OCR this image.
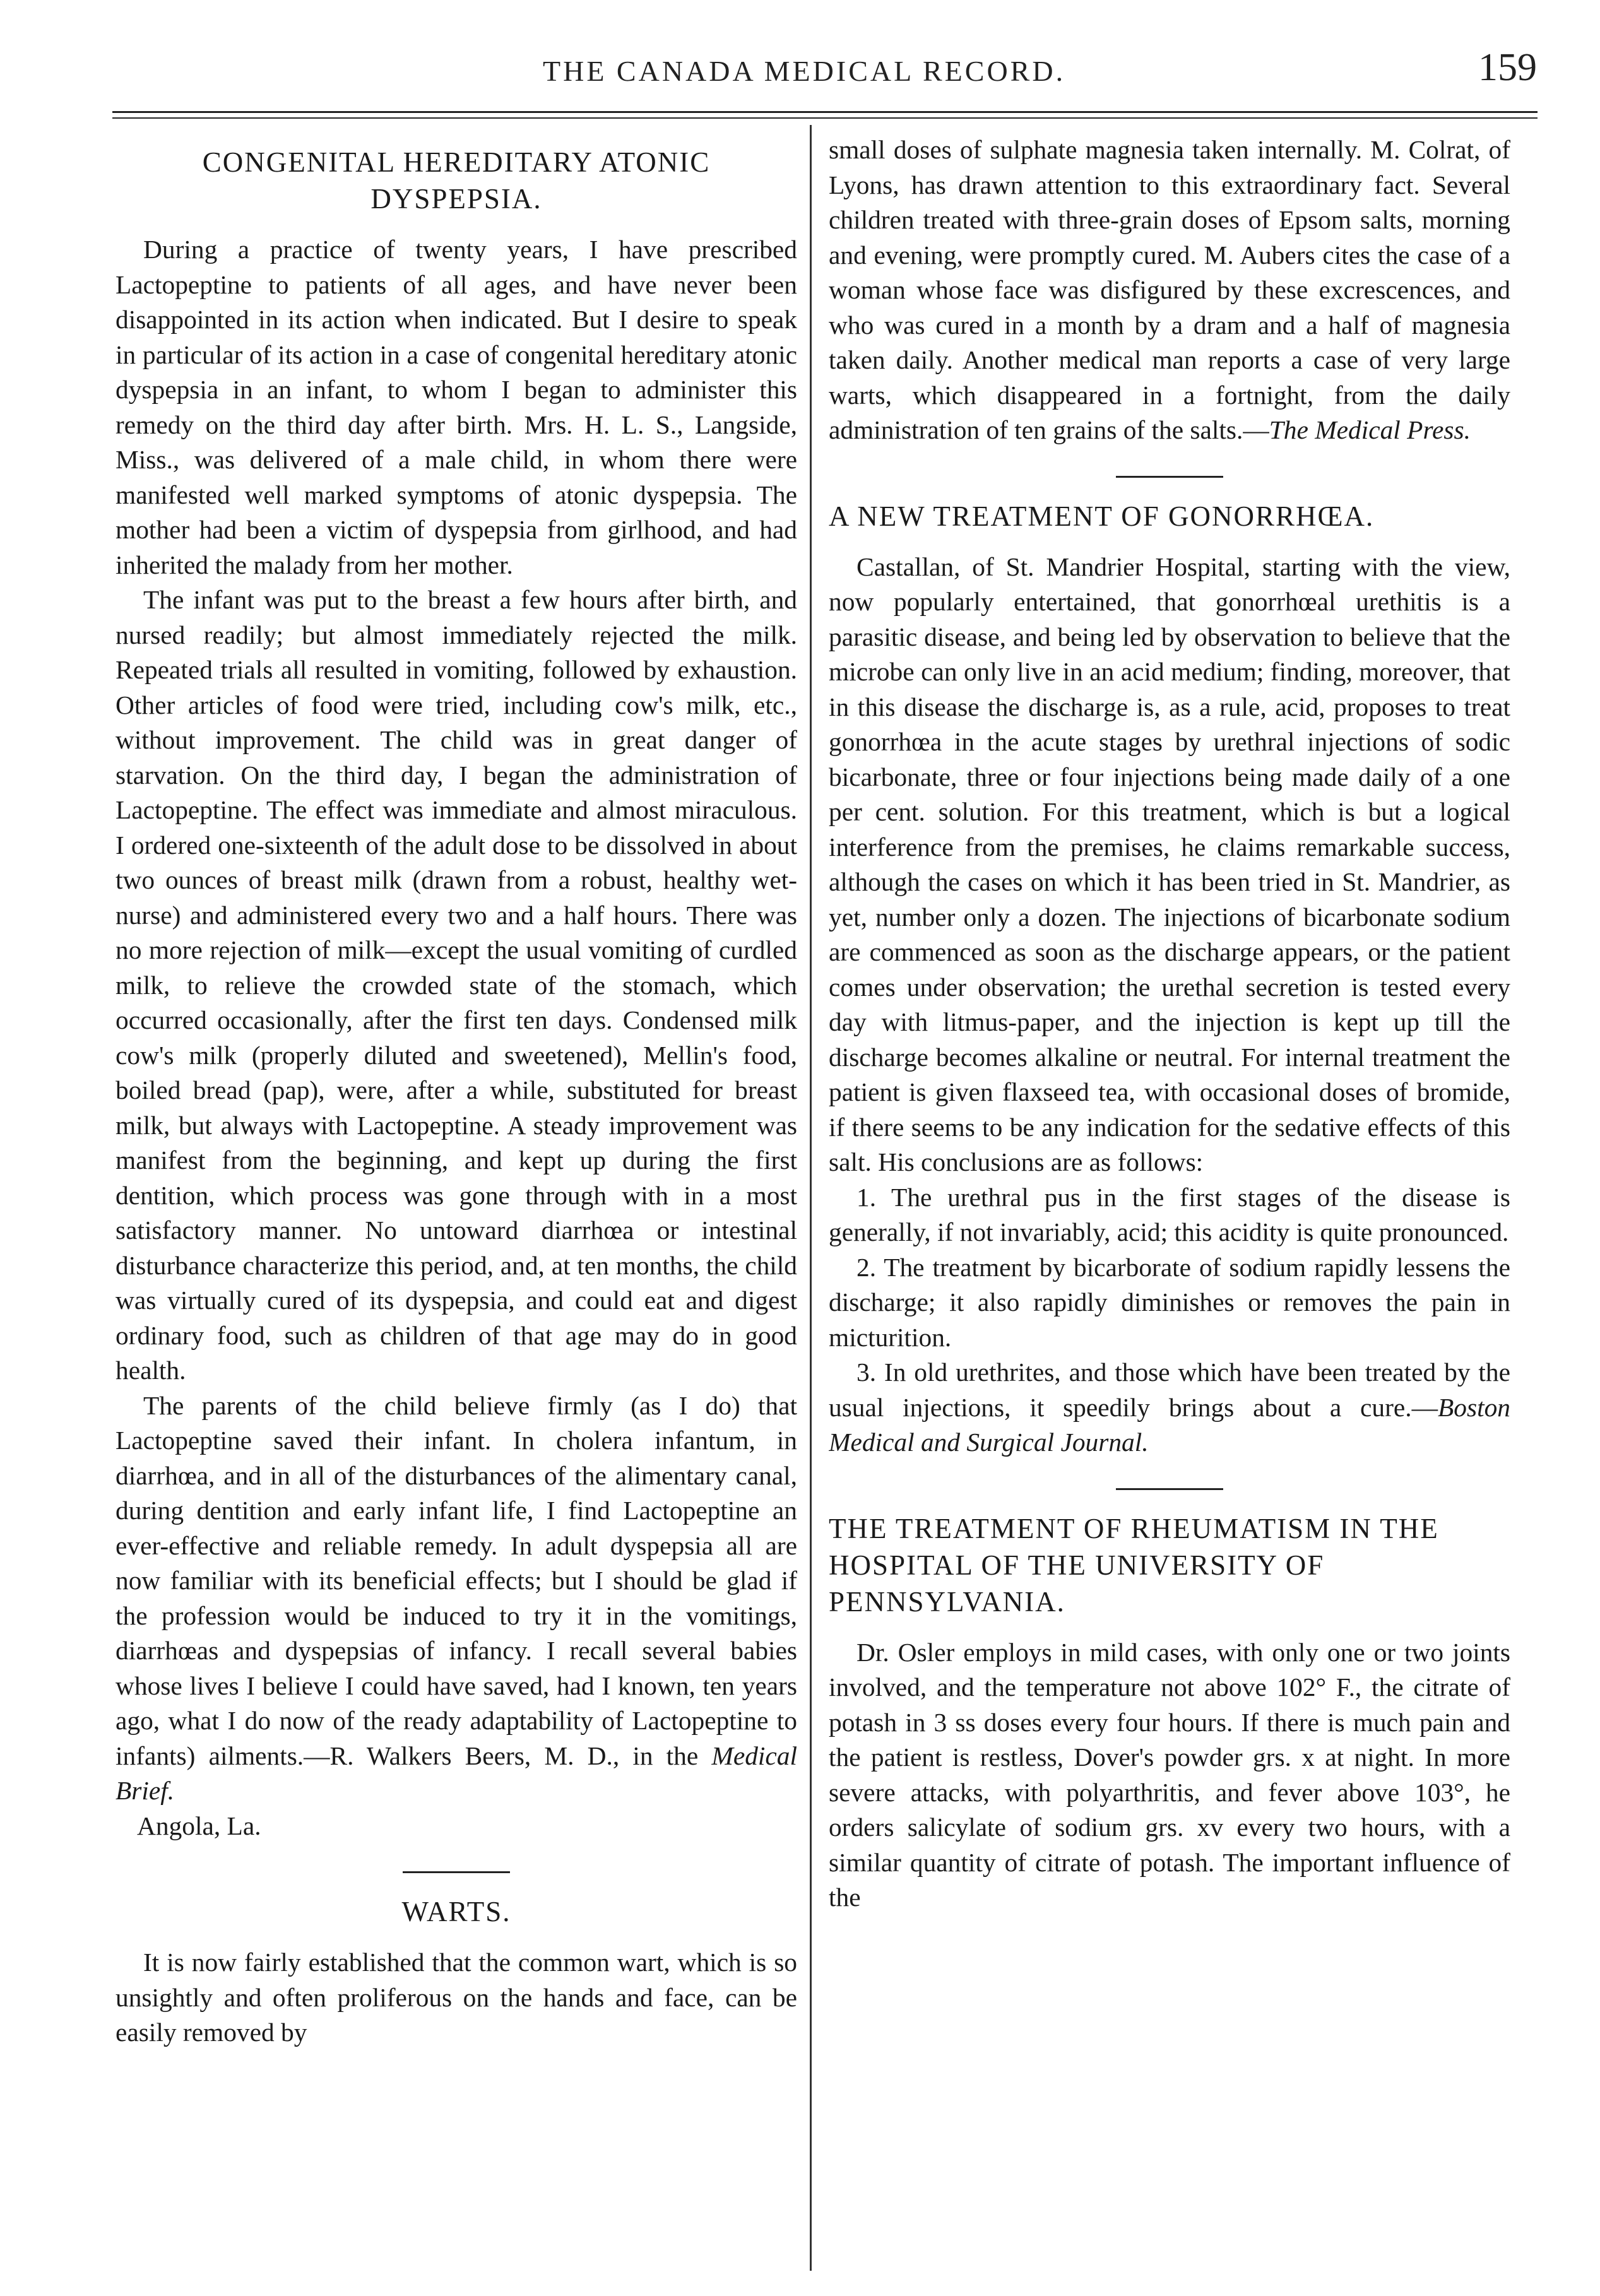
THE CANADA MEDICAL RECORD.	159
CONGENITAL HEREDITARY ATONIC DYSPEPSIA.

During a practice of twenty years, I have prescribed Lactopeptine to patients of all ages, and have never been disappointed in its action when indicated. But I desire to speak in particular of its action in a case of congenital hereditary atonic dyspepsia in an infant, to whom I began to administer this remedy on the third day after birth. Mrs. H. L. S., Langside, Miss., was delivered of a male child, in whom there were manifested well marked symptoms of atonic dyspepsia. The mother had been a victim of dyspepsia from girlhood, and had inherited the malady from her mother.

The infant was put to the breast a few hours after birth, and nursed readily; but almost immediately rejected the milk. Repeated trials all resulted in vomiting, followed by exhaustion. Other articles of food were tried, including cow's milk, etc., without improvement. The child was in great danger of starvation. On the third day, I began the administration of Lactopeptine. The effect was immediate and almost miraculous. I ordered one-sixteenth of the adult dose to be dissolved in about two ounces of breast milk (drawn from a robust, healthy wet-nurse) and administered every two and a half hours. There was no more rejection of milk—except the usual vomiting of curdled milk, to relieve the crowded state of the stomach, which occurred occasionally, after the first ten days. Condensed milk cow's milk (properly diluted and sweetened), Mellin's food, boiled bread (pap), were, after a while, substituted for breast milk, but always with Lactopeptine. A steady improvement was manifest from the beginning, and kept up during the first dentition, which process was gone through with in a most satisfactory manner. No untoward diarrhœa or intestinal disturbance characterize this period, and, at ten months, the child was virtually cured of its dyspepsia, and could eat and digest ordinary food, such as children of that age may do in good health.

The parents of the child believe firmly (as I do) that Lactopeptine saved their infant. In cholera infantum, in diarrhœa, and in all of the disturbances of the alimentary canal, during dentition and early infant life, I find Lactopeptine an ever-effective and reliable remedy. In adult dyspepsia all are now familiar with its beneficial effects; but I should be glad if the profession would be induced to try it in the vomitings, diarrhœas and dyspepsias of infancy. I recall several babies whose lives I believe I could have saved, had I known, ten years ago, what I do now of the ready adaptability of Lactopeptine to infants) ailments.—R. Walkers Beers, M. D., in the Medical Brief.

Angola, La.

WARTS.

It is now fairly established that the common wart, which is so unsightly and often proliferous on the hands and face, can be easily removed by

small doses of sulphate magnesia taken internally. M. Colrat, of Lyons, has drawn attention to this extraordinary fact. Several children treated with three-grain doses of Epsom salts, morning and evening, were promptly cured. M. Aubers cites the case of a woman whose face was disfigured by these excrescences, and who was cured in a month by a dram and a half of magnesia taken daily. Another medical man reports a case of very large warts, which disappeared in a fortnight, from the daily administration of ten grains of the salts.—The Medical Press.

A NEW TREATMENT OF GONORRHŒA.

Castallan, of St. Mandrier Hospital, starting with the view, now popularly entertained, that gonorrhœal urethitis is a parasitic disease, and being led by observation to believe that the microbe can only live in an acid medium; finding, moreover, that in this disease the discharge is, as a rule, acid, proposes to treat gonorrhœa in the acute stages by urethral injections of sodic bicarbonate, three or four injections being made daily of a one per cent. solution. For this treatment, which is but a logical interference from the premises, he claims remarkable success, although the cases on which it has been tried in St. Mandrier, as yet, number only a dozen. The injections of bicarbonate sodium are commenced as soon as the discharge appears, or the patient comes under observation; the urethal secretion is tested every day with litmus-paper, and the injection is kept up till the discharge becomes alkaline or neutral. For internal treatment the patient is given flaxseed tea, with occasional doses of bromide, if there seems to be any indication for the sedative effects of this salt. His conclusions are as follows:

1. The urethral pus in the first stages of the disease is generally, if not invariably, acid; this acidity is quite pronounced.

2. The treatment by bicarborate of sodium rapidly lessens the discharge; it also rapidly diminishes or removes the pain in micturition.

3. In old urethrites, and those which have been treated by the usual injections, it speedily brings about a cure.—Boston Medical and Surgical Journal.

THE TREATMENT OF RHEUMATISM IN THE HOSPITAL OF THE UNIVERSITY OF PENNSYLVANIA.

Dr. Osler employs in mild cases, with only one or two joints involved, and the temperature not above 102° F., the citrate of potash in 3 ss doses every four hours. If there is much pain and the patient is restless, Dover's powder grs. x at night. In more severe attacks, with polyarthritis, and fever above 103°, he orders salicylate of sodium grs. xv every two hours, with a similar quantity of citrate of potash. The important influence of the
